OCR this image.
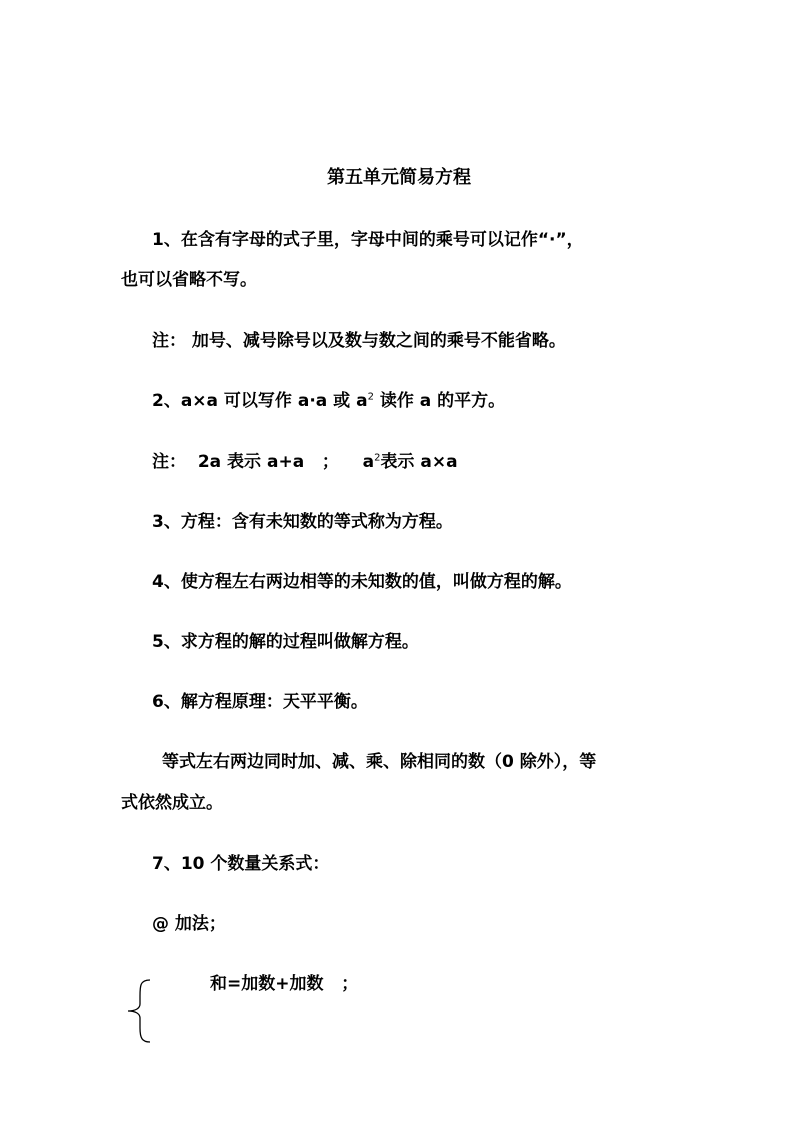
第五单元简易方程
1、在含有字母的式子里，字母中间的乘号可以记作“·”，
也可以省略不写。
注： 加号、减号除号以及数与数之间的乘号不能省略。
2、a×a 可以写作 a·a 或 $a^2$ 读作 a 的平方。
注：  2a 表示 a+a   ；    $a^2$表示 a×a
3、方程：含有未知数的等式称为方程。
4、使方程左右两边相等的未知数的值，叫做方程的解。
5、求方程的解的过程叫做解方程。
6、解方程原理：天平平衡。
等式左右两边同时加、减、乘、除相同的数（0 除外），等
式依然成立。
7、10 个数量关系式：
@ 加法；
和=加数+加数   ；
